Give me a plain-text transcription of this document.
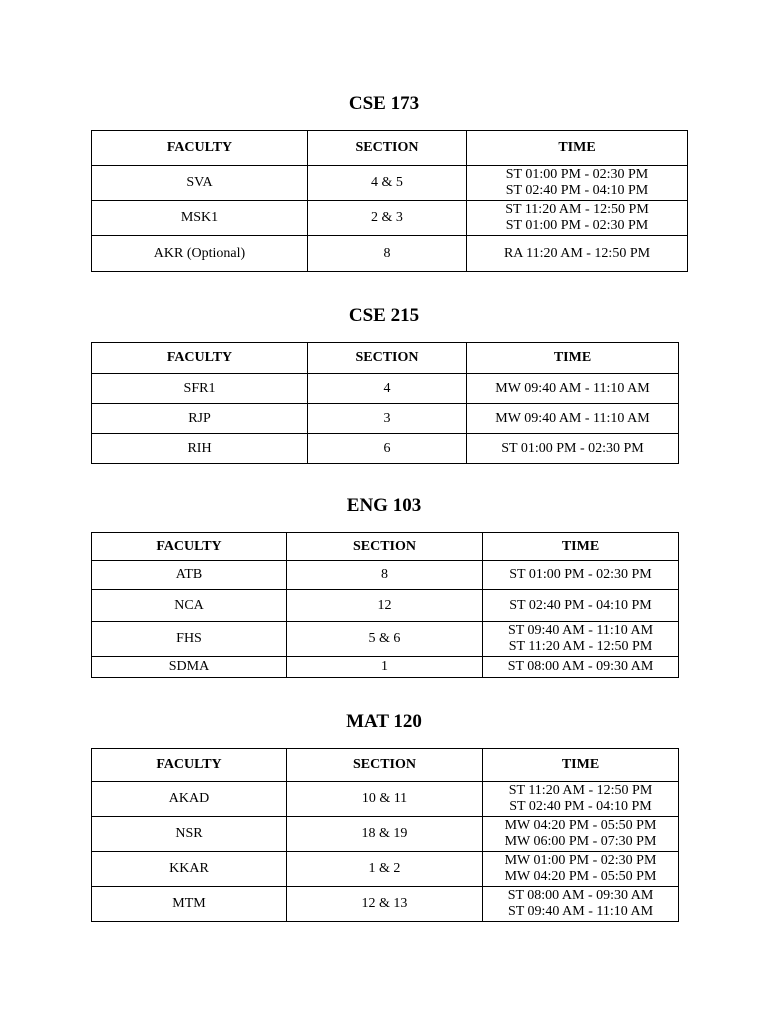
CSE 173
FACULTY	SECTION	TIME
SVA	4 & 5	ST 01:00 PM - 02:30 PM
ST 02:40 PM - 04:10 PM

MSK1	2 & 3	ST 11:20 AM - 12:50 PM
ST 01:00 PM - 02:30 PM

AKR (Optional)	8	RA 11:20 AM - 12:50 PM
CSE 215
FACULTY	SECTION	TIME
SFR1	4	MW 09:40 AM - 11:10 AM

RJP	3	MW 09:40 AM - 11:10 AM

RIH	6	ST 01:00 PM - 02:30 PM
ENG 103
FACULTY	SECTION	TIME
ATB	8	ST 01:00 PM - 02:30 PM

NCA	12	ST 02:40 PM - 04:10 PM

FHS	5 & 6	ST 09:40 AM - 11:10 AM
ST 11:20 AM - 12:50 PM

SDMA	1	ST 08:00 AM - 09:30 AM
MAT 120
FACULTY	SECTION	TIME
AKAD	10 & 11	ST 11:20 AM - 12:50 PM
ST 02:40 PM - 04:10 PM

NSR	18 & 19	MW 04:20 PM - 05:50 PM
MW 06:00 PM - 07:30 PM

KKAR	1 & 2	MW 01:00 PM - 02:30 PM
MW 04:20 PM - 05:50 PM

MTM	12 & 13	ST 08:00 AM - 09:30 AM
ST 09:40 AM - 11:10 AM
